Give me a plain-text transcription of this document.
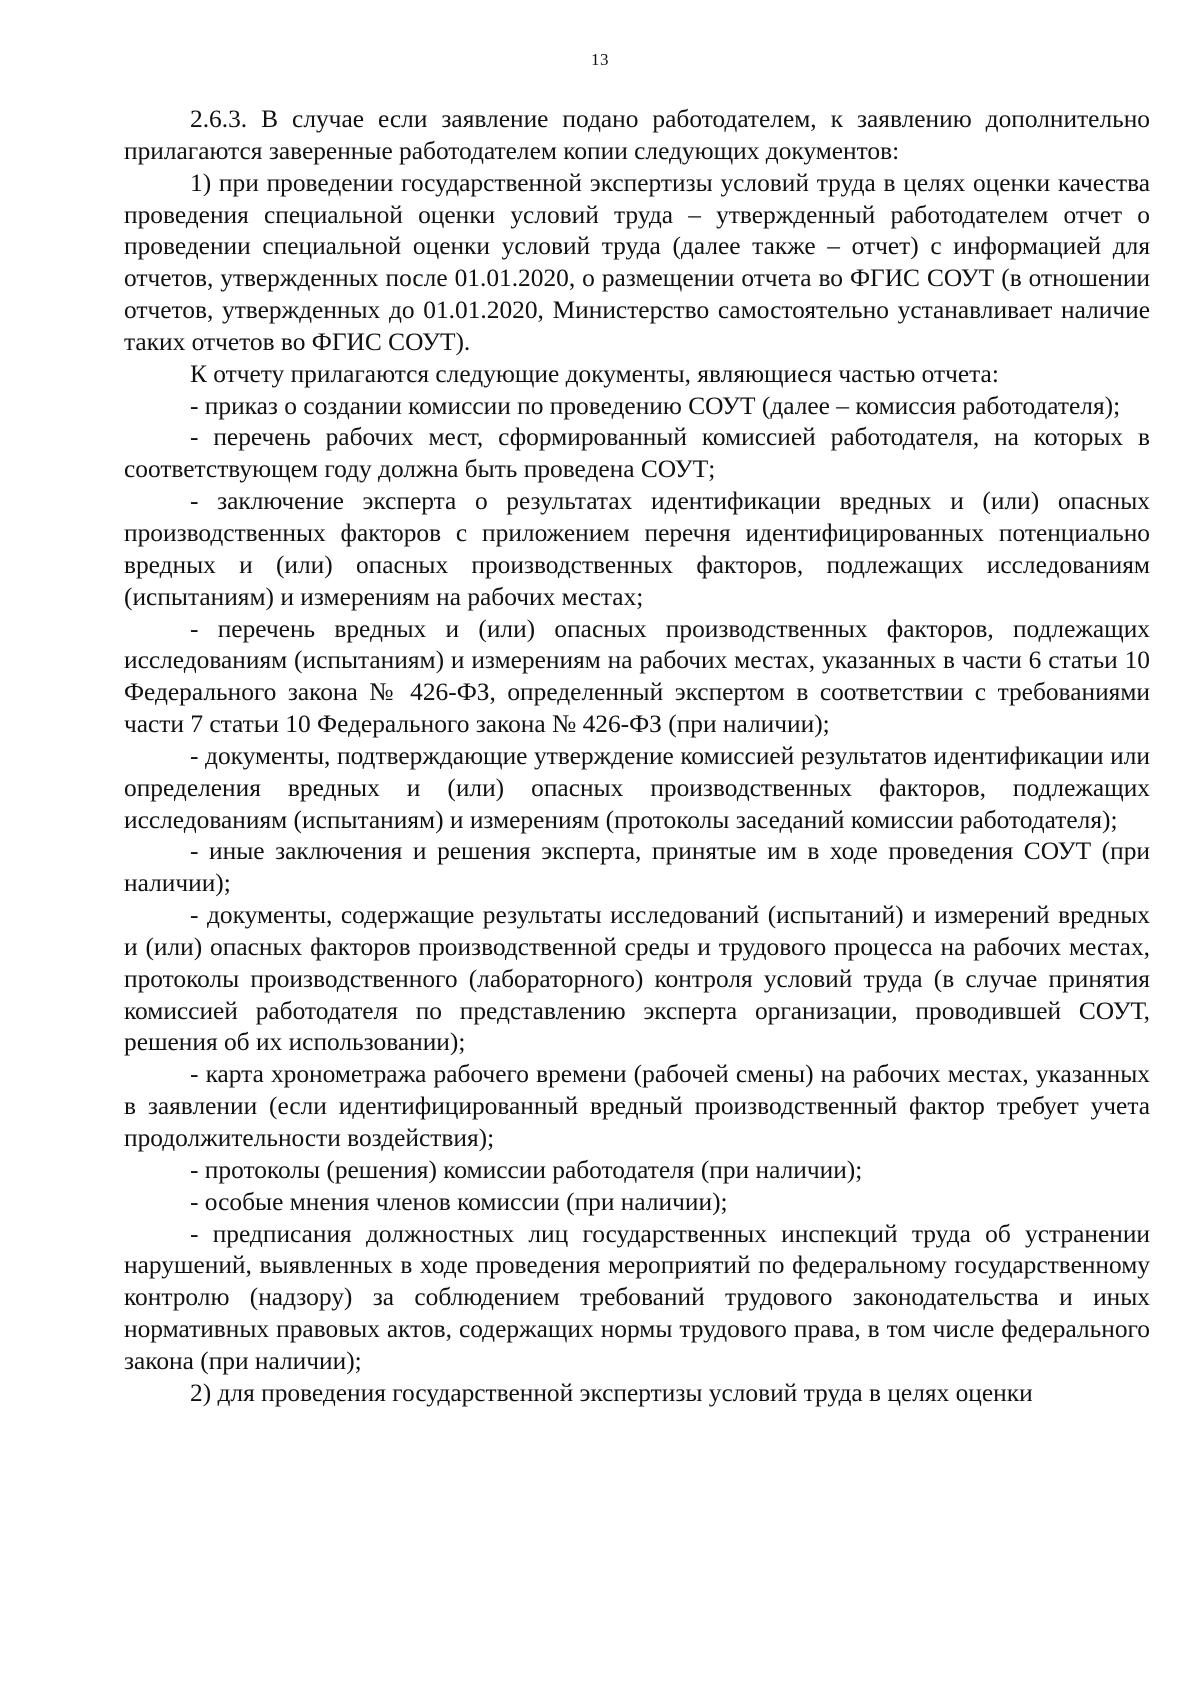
13

2.6.3. В случае если заявление подано работодателем, к заявлению дополнительно прилагаются заверенные работодателем копии следующих документов:

1) при проведении государственной экспертизы условий труда в целях оценки качества проведения специальной оценки условий труда – утвержденный работодателем отчет о проведении специальной оценки условий труда (далее также – отчет) с информацией для отчетов, утвержденных после 01.01.2020, о размещении отчета во ФГИС СОУТ (в отношении отчетов, утвержденных до 01.01.2020, Министерство самостоятельно устанавливает наличие таких отчетов во ФГИС СОУТ).

К отчету прилагаются следующие документы, являющиеся частью отчета:

- приказ о создании комиссии по проведению СОУТ (далее – комиссия работодателя);

- перечень рабочих мест, сформированный комиссией работодателя, на которых в соответствующем году должна быть проведена СОУТ;

- заключение эксперта о результатах идентификации вредных и (или) опасных производственных факторов с приложением перечня идентифицированных потенциально вредных и (или) опасных производственных факторов, подлежащих исследованиям (испытаниям) и измерениям на рабочих местах;

- перечень вредных и (или) опасных производственных факторов, подлежащих исследованиям (испытаниям) и измерениям на рабочих местах, указанных в части 6 статьи 10 Федерального закона № 426-ФЗ, определенный экспертом в соответствии с требованиями части 7 статьи 10 Федерального закона № 426-ФЗ (при наличии);

- документы, подтверждающие утверждение комиссией результатов идентификации или определения вредных и (или) опасных производственных факторов, подлежащих исследованиям (испытаниям) и измерениям (протоколы заседаний комиссии работодателя);

- иные заключения и решения эксперта, принятые им в ходе проведения СОУТ (при наличии);

- документы, содержащие результаты исследований (испытаний) и измерений вредных и (или) опасных факторов производственной среды и трудового процесса на рабочих местах, протоколы производственного (лабораторного) контроля условий труда (в случае принятия комиссией работодателя по представлению эксперта организации, проводившей СОУТ, решения об их использовании);

- карта хронометража рабочего времени (рабочей смены) на рабочих местах, указанных в заявлении (если идентифицированный вредный производственный фактор требует учета продолжительности воздействия);

- протоколы (решения) комиссии работодателя (при наличии);

- особые мнения членов комиссии (при наличии);

- предписания должностных лиц государственных инспекций труда об устранении нарушений, выявленных в ходе проведения мероприятий по федеральному государственному контролю (надзору) за соблюдением требований трудового законодательства и иных нормативных правовых актов, содержащих нормы трудового права, в том числе федерального закона (при наличии);

2) для проведения государственной экспертизы условий труда в целях оценки
